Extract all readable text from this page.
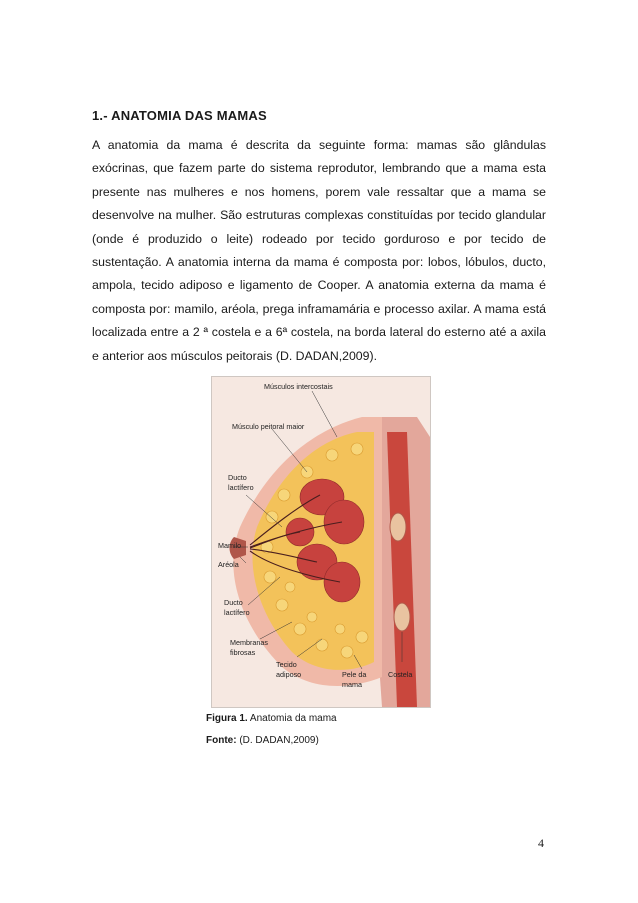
1.- ANATOMIA DAS MAMAS
A anatomia da mama é descrita da seguinte forma: mamas são glândulas exócrinas, que fazem parte do sistema reprodutor, lembrando que a mama esta presente nas mulheres e nos homens, porem vale ressaltar que a mama se desenvolve na mulher. São estruturas complexas constituídas por tecido glandular (onde é produzido o leite) rodeado por tecido gorduroso e por tecido de sustentação. A anatomia interna da mama é composta por: lobos, lóbulos, ducto, ampola, tecido adiposo e ligamento de Cooper. A anatomia externa da mama é composta por: mamilo, aréola, prega inframamária e processo axilar. A mama está localizada entre a 2 ª costela e a 6ª costela, na borda lateral do esterno até a axila e anterior aos músculos peitorais (D. DADAN,2009).
Músculos intercostais
Músculo peitoral maior
Ducto
lactífero
Mamilo
Aréola
Ducto
lactífero
Membranas
fibrosas
Tecido
adiposo	Pele da
mama
Costela
Figura 1. Anatomia da mama
Fonte: (D. DADAN,2009)
4
